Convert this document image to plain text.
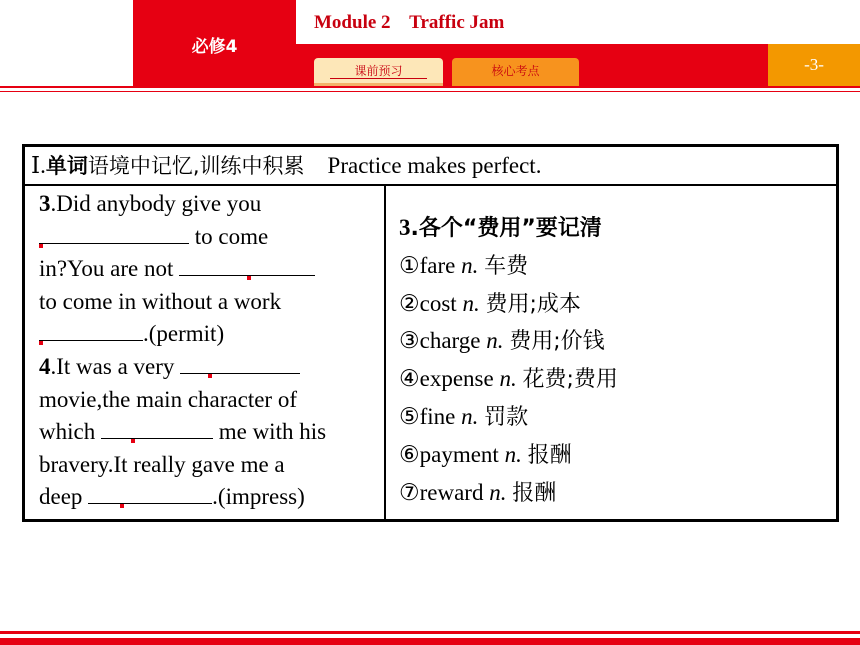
必修4
Module 2    Traffic Jam
课前预习	核心考点	-3-
Ⅰ.单词语境中记忆,训练中积累 Practice makes perfect.
3.Did anybody give you
to come
in?You are not
to come in without a work
.(permit)
4.It was a very
movie,the main character of
which	me with his
bravery.It really gave me a
deep	.(impress)
3.各个“费用”要记清
①fare n. 车费
②cost n. 费用;成本
③charge n. 费用;价钱
④expense n. 花费;费用
⑤fine n. 罚款
⑥payment n. 报酬
⑦reward n. 报酬
